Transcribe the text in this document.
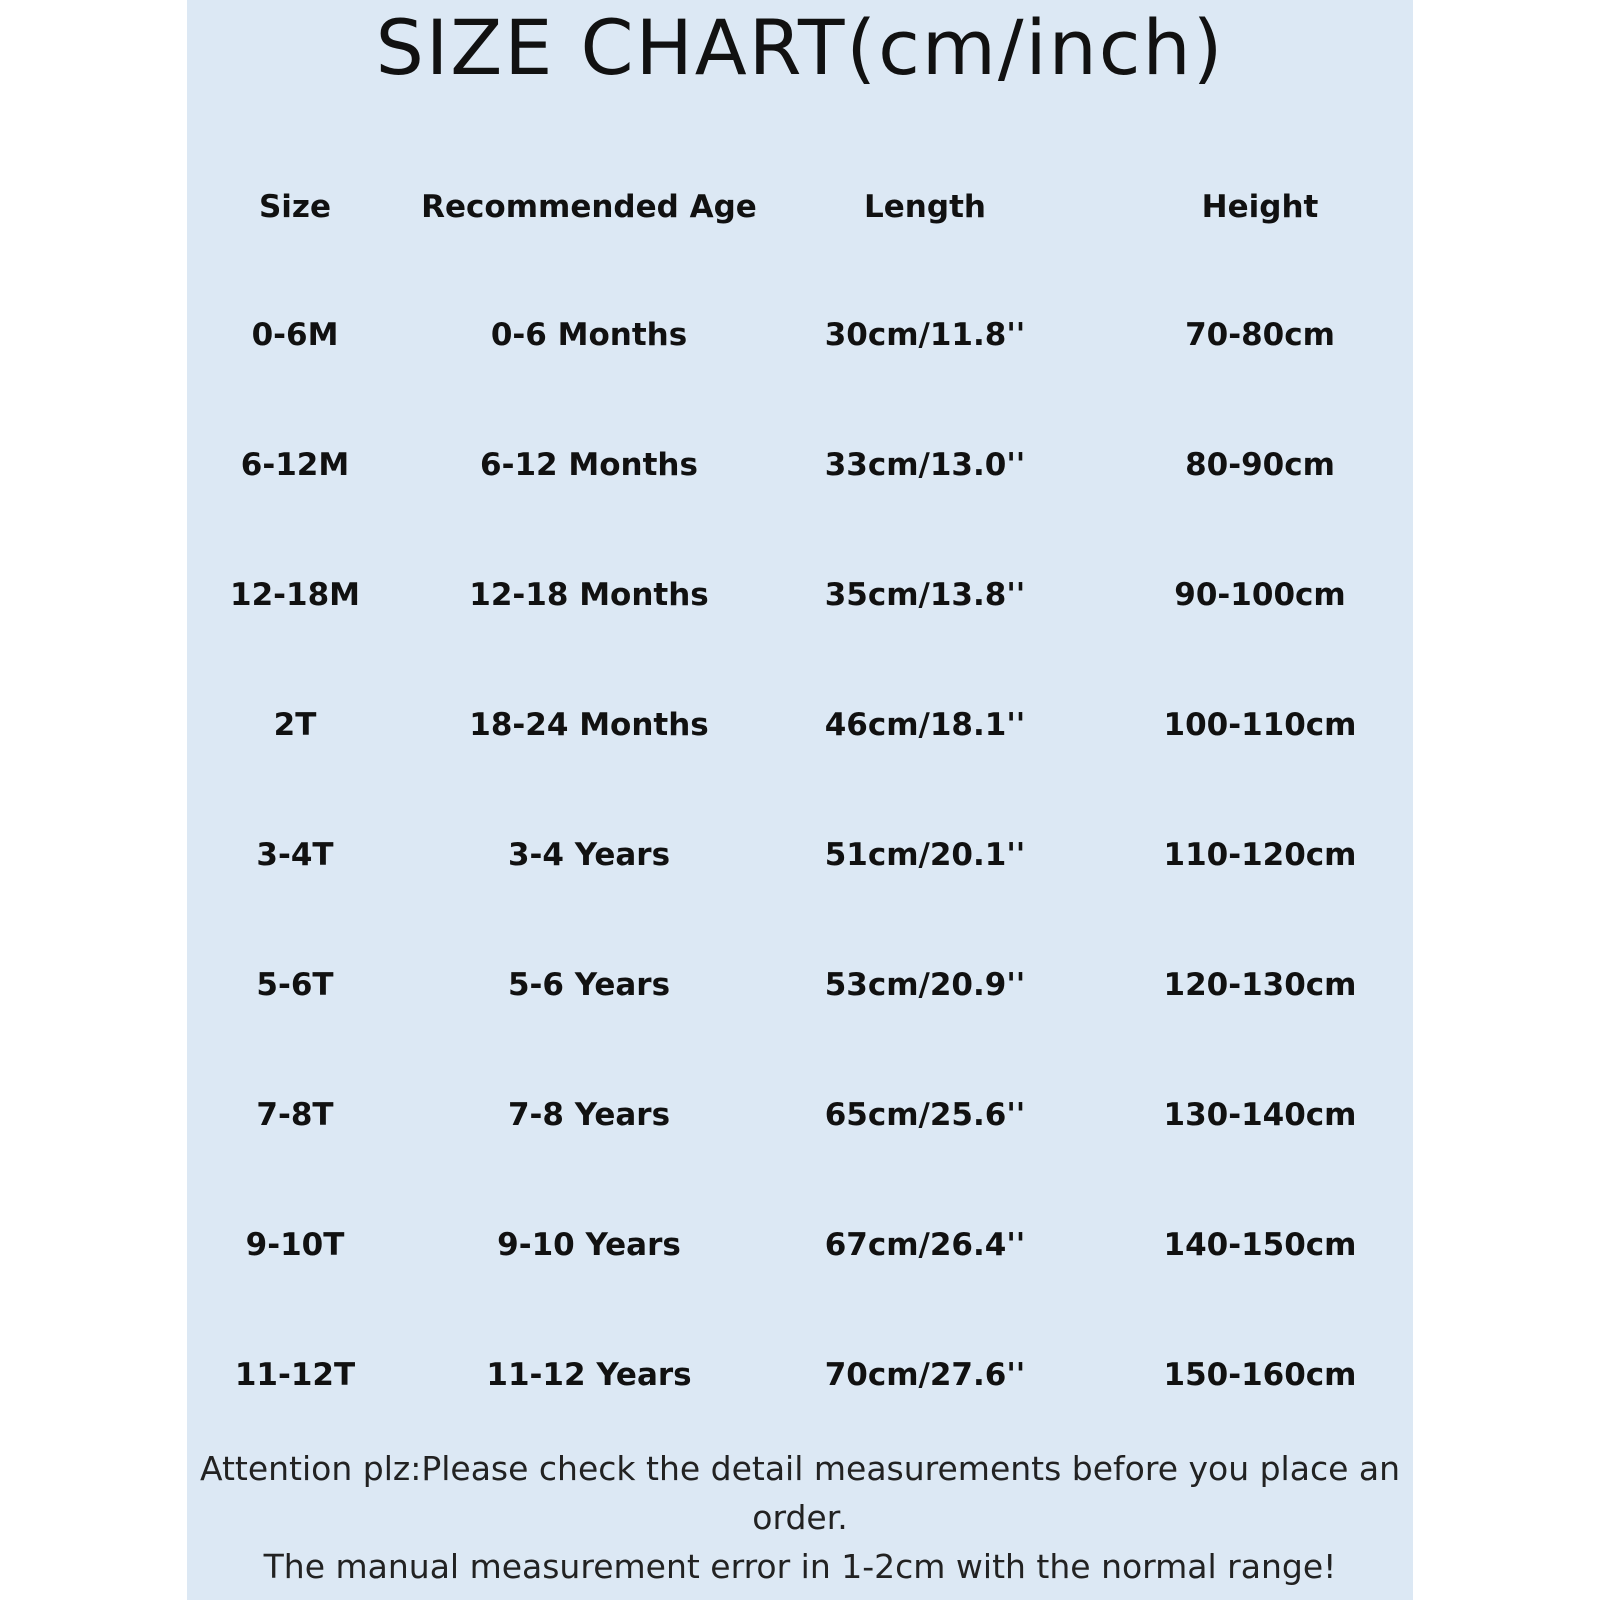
SIZE CHART(cm/inch)
Size	Recommended Age	Length	Height
0-6M	0-6 Months	30cm/11.8''	70-80cm
6-12M	6-12 Months	33cm/13.0''	80-90cm
12-18M	12-18 Months	35cm/13.8''	90-100cm
2T	18-24 Months	46cm/18.1''	100-110cm
3-4T	3-4 Years	51cm/20.1''	110-120cm
5-6T	5-6 Years	53cm/20.9''	120-130cm
7-8T	7-8 Years	65cm/25.6''	130-140cm
9-10T	9-10 Years	67cm/26.4''	140-150cm
11-12T	11-12 Years	70cm/27.6''	150-160cm
Attention plz:Please check the detail measurements before you place an
order.
The manual measurement error in 1-2cm with the normal range!
